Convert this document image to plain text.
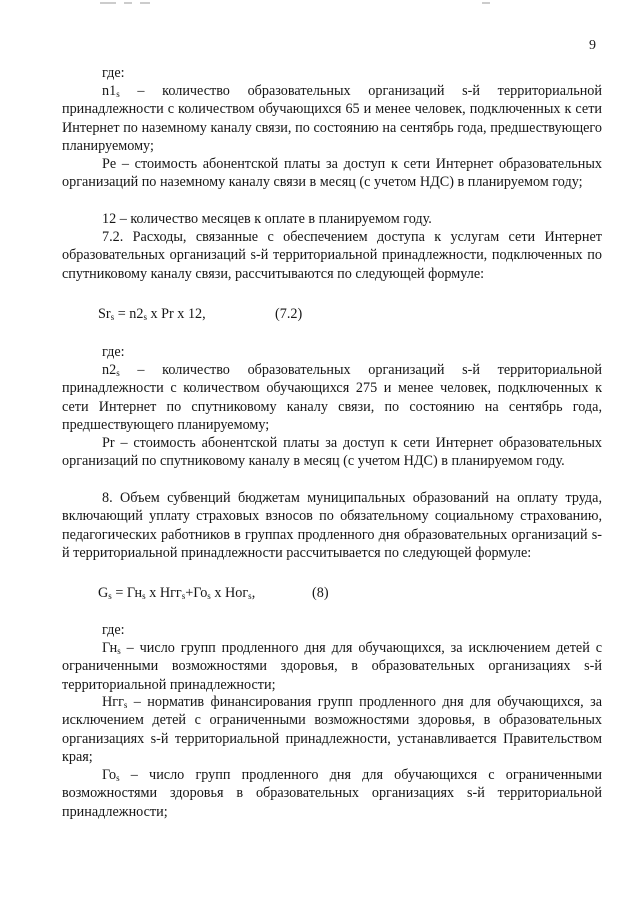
9
где:
$n1_s$ – количество образовательных организаций s-й территориальной принадлежности с количеством обучающихся 65 и менее человек, подключенных к сети Интернет по наземному каналу связи, по состоянию на сентябрь года, предшествующего планируемому;
Pe – стоимость абонентской платы за доступ к сети Интернет образовательных организаций по наземному каналу связи в месяц (с учетом НДС) в планируемом году;
12 – количество месяцев к оплате в планируемом году.
7.2. Расходы, связанные с обеспечением доступа к услугам сети Интернет образовательных организаций s-й территориальной принадлежности, подключенных по спутниковому каналу связи, рассчитываются по следующей формуле:
$Sr_s = n2_s$ x Pr x 12,	(7.2)
где:
$n2_s$ – количество образовательных организаций s-й территориальной принадлежности с количеством обучающихся 275 и менее человек, подключенных к сети Интернет по спутниковому каналу связи, по состоянию на сентябрь года, предшествующего планируемому;
Pr – стоимость абонентской платы за доступ к сети Интернет образовательных организаций по спутниковому каналу в месяц (с учетом НДС) в планируемом году.
8. Объем субвенций бюджетам муниципальных образований на оплату труда, включающий уплату страховых взносов по обязательному социальному страхованию, педагогических работников в группах продленного дня образовательных организаций s-й территориальной принадлежности рассчитывается по следующей формуле:
$G_s = Гн_s$ x $Нгг_s+Го_s$ x Ног$_s$,	(8)
где:
$Гн_s$ – число групп продленного дня для обучающихся, за исключением детей с ограниченными возможностями здоровья, в образовательных организациях s-й территориальной принадлежности;
Нгг$_s$ – норматив финансирования групп продленного дня для обучающихся, за исключением детей с ограниченными возможностями здоровья, в образовательных организациях s-й территориальной принадлежности, устанавливается Правительством края;
$Го_s$ – число групп продленного дня для обучающихся с ограниченными возможностями здоровья в образовательных организациях s-й территориальной принадлежности;
